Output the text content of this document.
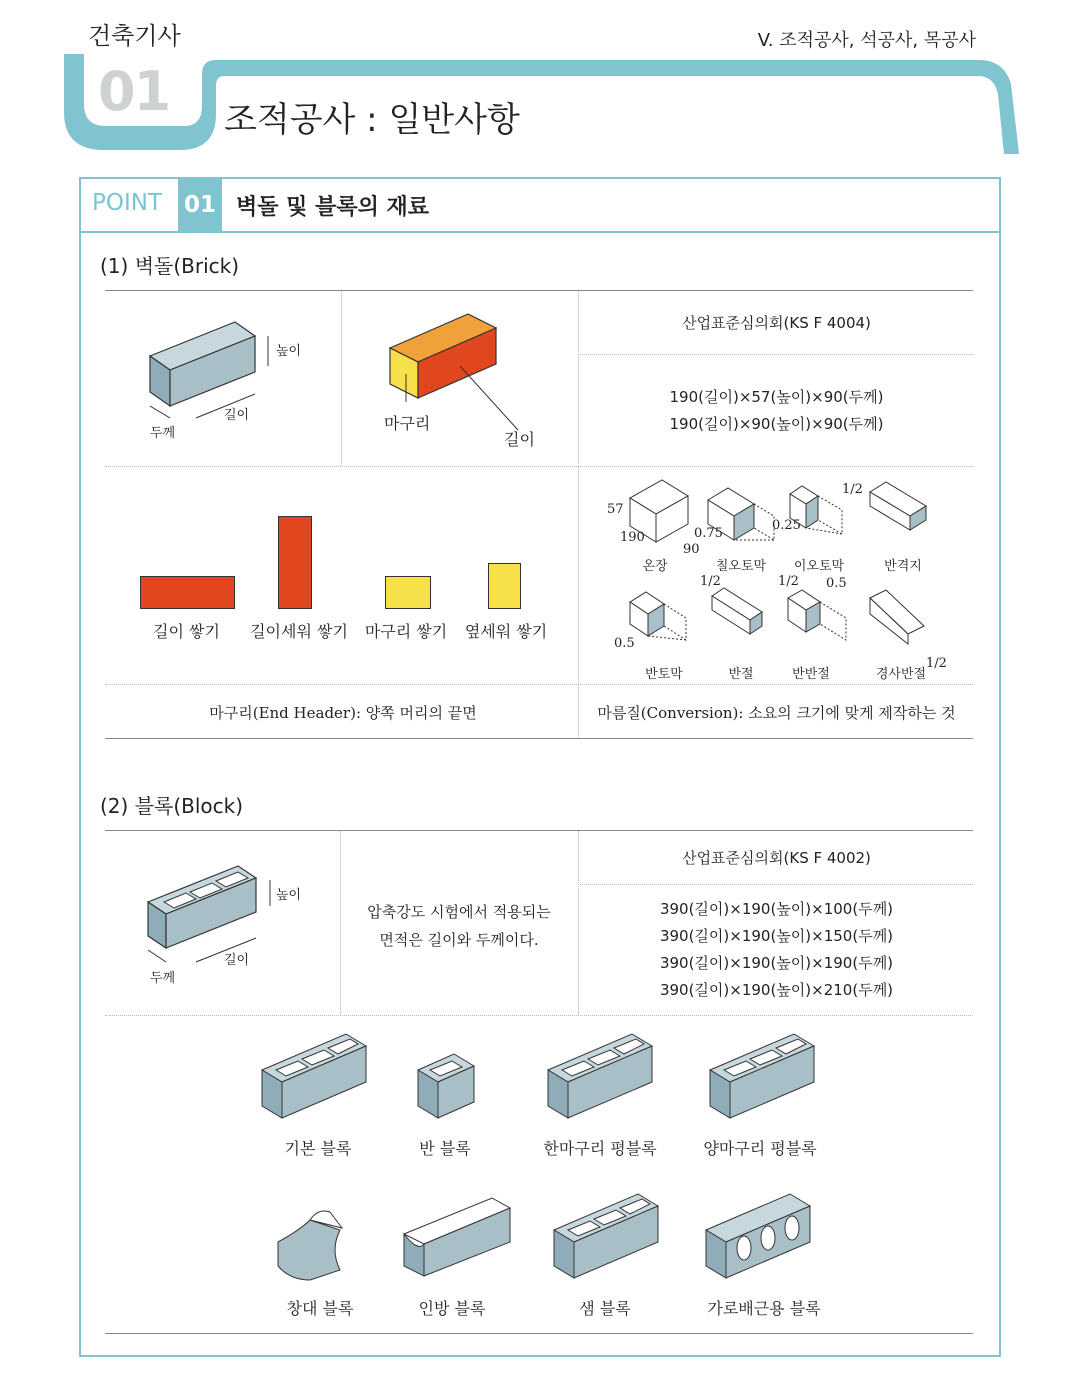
건축기사	V. 조적공사, 석공사, 목공사
01 조적공사 : 일반사항
POINT 01 벽돌 및 블록의 재료
(1) 벽돌(Brick)
높이
길이
두께
마구리
길이
산업표준심의회(KS F 4004)
190(길이)×57(높이)×90(두께)
190(길이)×90(높이)×90(두께)
길이 쌓기	길이세워 쌓기	마구리 쌓기	옆세워 쌓기
57
190
90
0.75
0.25
1/2
온장	칠오토막	이오토막	반격지
1/2	1/2 0.5
0.5
1/2
반토막	반절	반반절	경사반절
마구리(End Header): 양쪽 머리의 끝면	마름질(Conversion): 소요의 크기에 맞게 제작하는 것
(2) 블록(Block)
높이
길이
두께
압축강도 시험에서 적용되는
면적은 길이와 두께이다.
산업표준심의회(KS F 4002)
390(길이)×190(높이)×100(두께)
390(길이)×190(높이)×150(두께)
390(길이)×190(높이)×190(두께)
390(길이)×190(높이)×210(두께)
기본 블록	반 블록	한마구리 평블록	양마구리 평블록
창대 블록	인방 블록	샘 블록	가로배근용 블록
